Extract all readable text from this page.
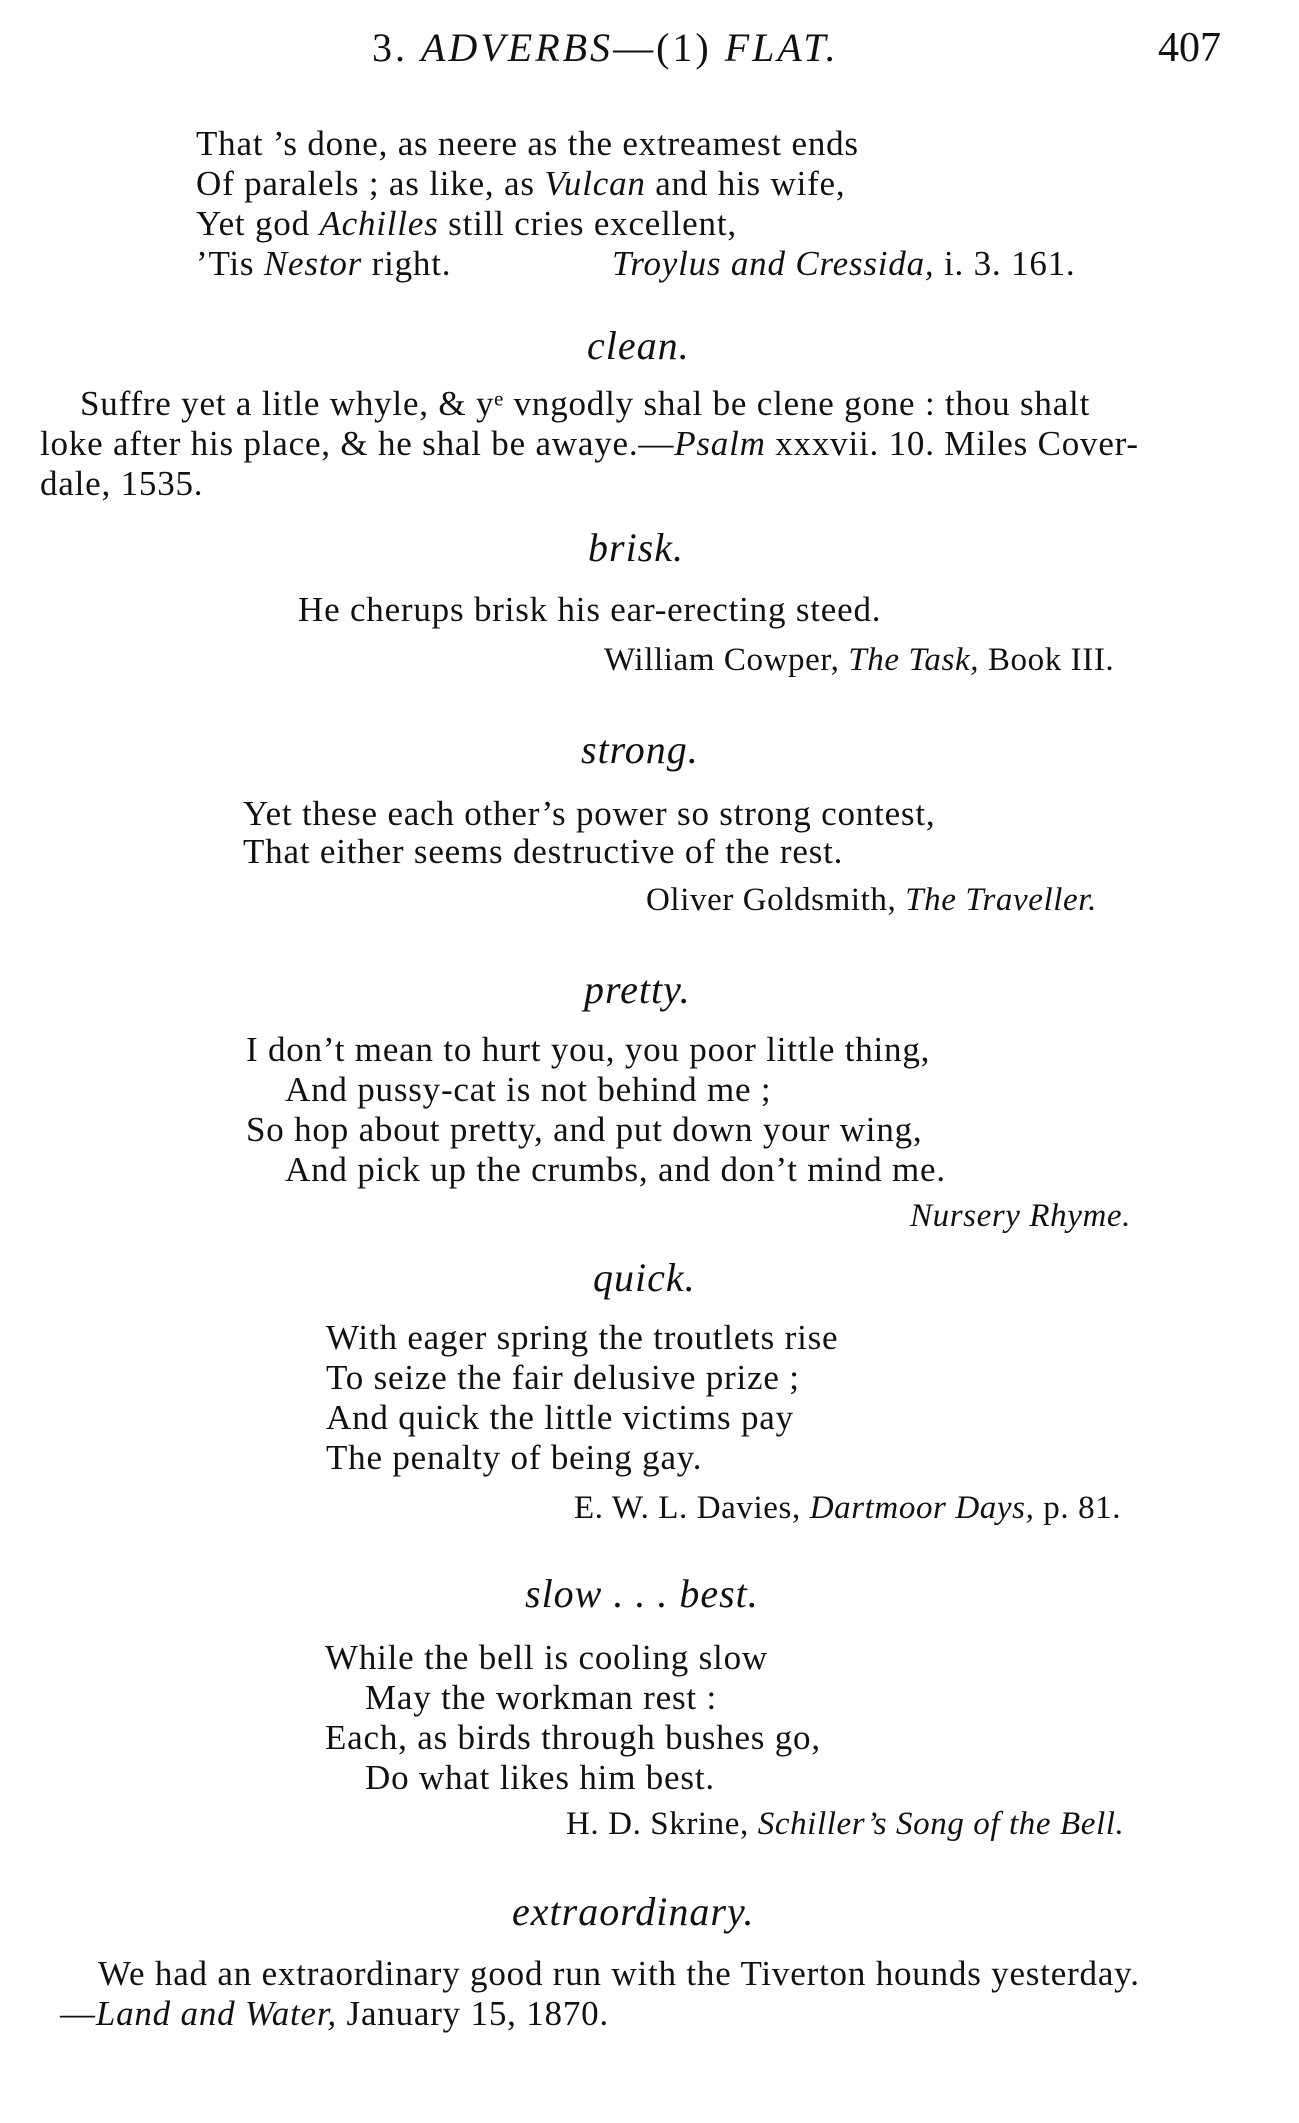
3. ADVERBS—(1) FLAT.	407
That ’s done, as neere as the extreamest ends
Of paralels ; as like, as Vulcan and his wife,
Yet god Achilles still cries excellent,
’Tis Nestor right.	Troylus and Cressida, i. 3. 161.
clean.
Suffre yet a litle whyle, & yᵉ vngodly shal be clene gone : thou shalt
loke after his place, & he shal be awaye.—Psalm xxxvii. 10. Miles Cover-
dale, 1535.
brisk.
He cherups brisk his ear-erecting steed.
William Cowper, The Task, Book III.
strong.
Yet these each other’s power so strong contest,
That either seems destructive of the rest.
Oliver Goldsmith, The Traveller.
pretty.
I don’t mean to hurt you, you poor little thing,
And pussy-cat is not behind me ;
So hop about pretty, and put down your wing,
And pick up the crumbs, and don’t mind me.
Nursery Rhyme.
quick.
With eager spring the troutlets rise
To seize the fair delusive prize ;
And quick the little victims pay
The penalty of being gay.
E. W. L. Davies, Dartmoor Days, p. 81.
slow . . . best.
While the bell is cooling slow
May the workman rest :
Each, as birds through bushes go,
Do what likes him best.
H. D. Skrine, Schiller’s Song of the Bell.
extraordinary.
We had an extraordinary good run with the Tiverton hounds yesterday.
—Land and Water, January 15, 1870.
